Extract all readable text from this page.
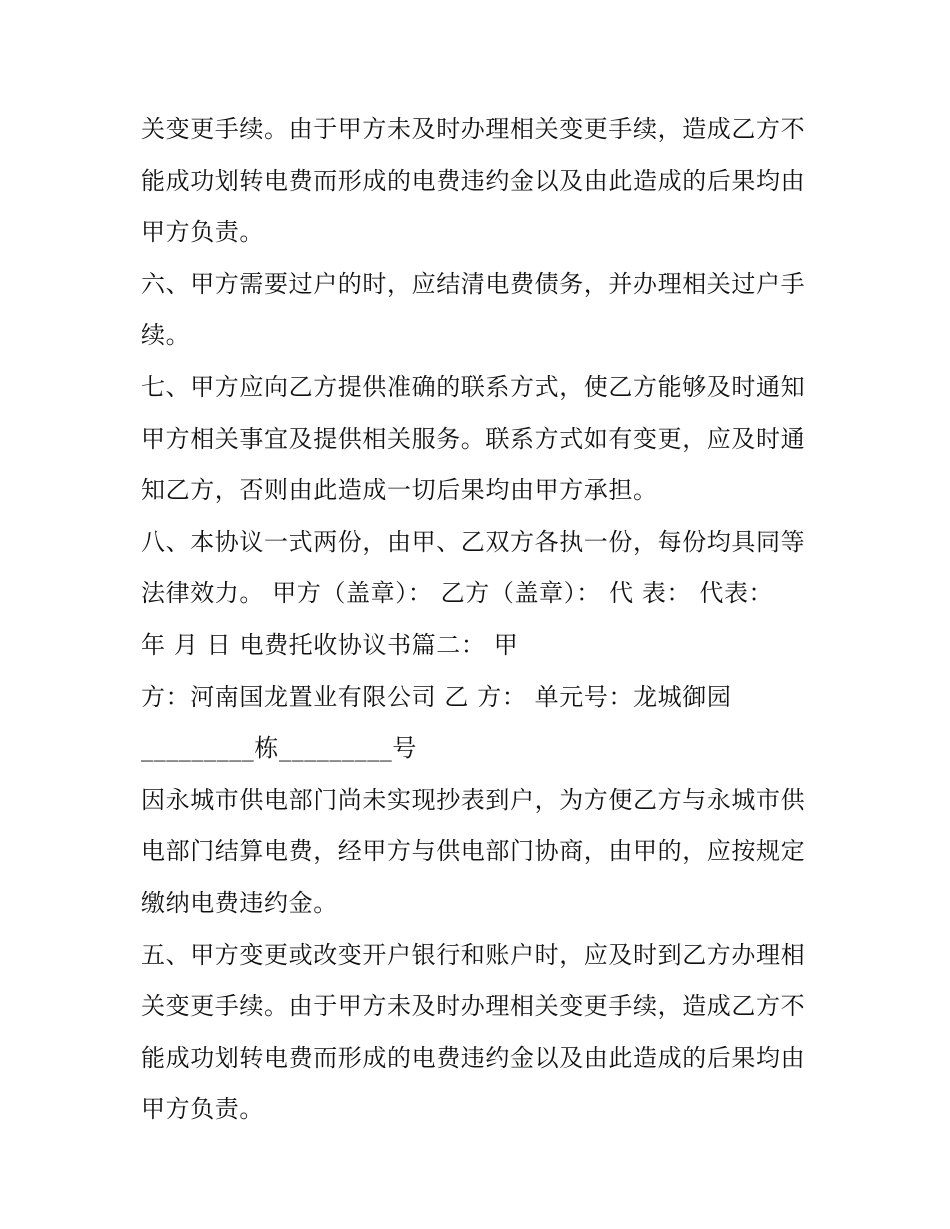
关变更手续。由于甲方未及时办理相关变更手续，造成乙方不
能成功划转电费而形成的电费违约金以及由此造成的后果均由
甲方负责。
六、甲方需要过户的时，应结清电费债务，并办理相关过户手
续。
七、甲方应向乙方提供准确的联系方式，使乙方能够及时通知
甲方相关事宜及提供相关服务。联系方式如有变更，应及时通
知乙方，否则由此造成一切后果均由甲方承担。
八、本协议一式两份，由甲、乙双方各执一份，每份均具同等
法律效力。 甲方（盖章）： 乙方（盖章）： 代 表： 代表：
年 月 日 电费托收协议书篇二： 甲
方：河南国龙置业有限公司 乙 方： 单元号：龙城御园
_________栋_________号
因永城市供电部门尚未实现抄表到户，为方便乙方与永城市供
电部门结算电费，经甲方与供电部门协商，由甲的，应按规定
缴纳电费违约金。
五、甲方变更或改变开户银行和账户时，应及时到乙方办理相
关变更手续。由于甲方未及时办理相关变更手续，造成乙方不
能成功划转电费而形成的电费违约金以及由此造成的后果均由
甲方负责。
